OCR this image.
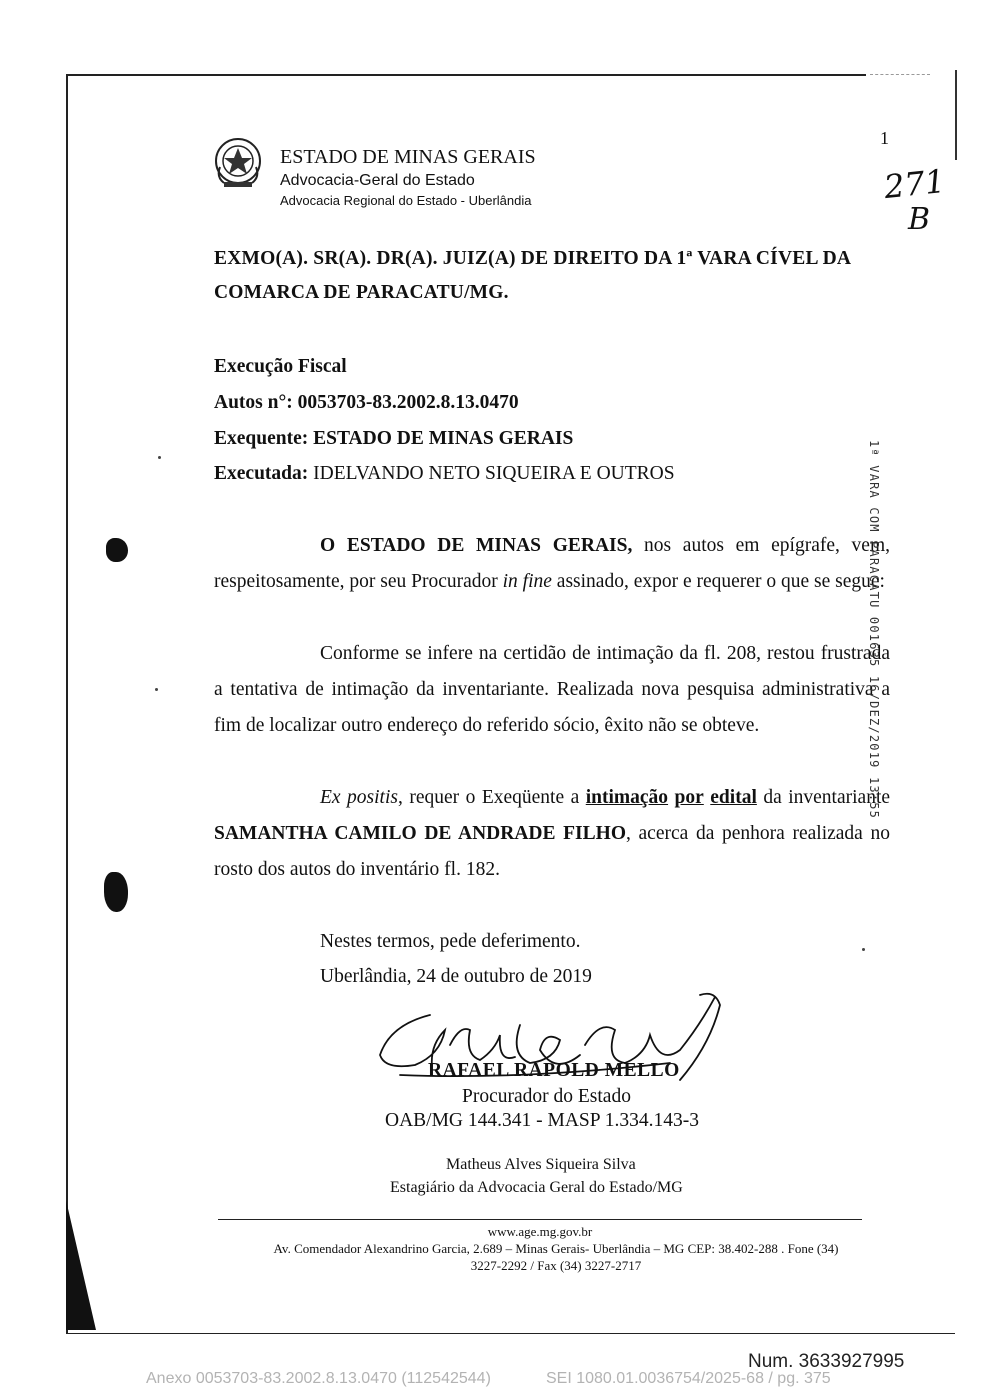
ESTADO DE MINAS GERAIS
Advocacia-Geral do Estado
Advocacia Regional do Estado - Uberlândia
1
271
B
EXMO(A). SR(A). DR(A). JUIZ(A) DE DIREITO DA 1ª VARA CÍVEL DA
COMARCA DE PARACATU/MG.
Execução Fiscal
Autos n°: 0053703-83.2002.8.13.0470
Exequente: ESTADO DE MINAS GERAIS
Executada: IDELVANDO NETO SIQUEIRA E OUTROS

O ESTADO DE MINAS GERAIS, nos autos em epígrafe, vem, respeitosamente, por seu Procurador in fine assinado, expor e requerer o que se segue:

Conforme se infere na certidão de intimação da fl. 208, restou frustrada a tentativa de intimação da inventariante. Realizada nova pesquisa administrativa a fim de localizar outro endereço do referido sócio, êxito não se obteve.

Ex positis, requer o Exeqüente a intimação por edital da inventariante SAMANTHA CAMILO DE ANDRADE FILHO, acerca da penhora realizada no rosto dos autos do inventário fl. 182.

Nestes termos, pede deferimento.
Uberlândia, 24 de outubro de 2019
RAFAEL RAPOLD MELLO
Procurador do Estado
OAB/MG 144.341 - MASP 1.334.143-3
Matheus Alves Siqueira Silva
Estagiário da Advocacia Geral do Estado/MG
www.age.mg.gov.br
Av. Comendador Alexandrino Garcia, 2.689 – Minas Gerais- Uberlândia – MG CEP: 38.402-288 . Fone (34)
3227-2292 / Fax (34) 3227-2717
1ª VARA COM PARACATU 001635 16/DEZ/2019 13:55
Num. 3633927995
Anexo 0053703-83.2002.8.13.0470 (112542544)	SEI 1080.01.0036754/2025-68 / pg. 375
